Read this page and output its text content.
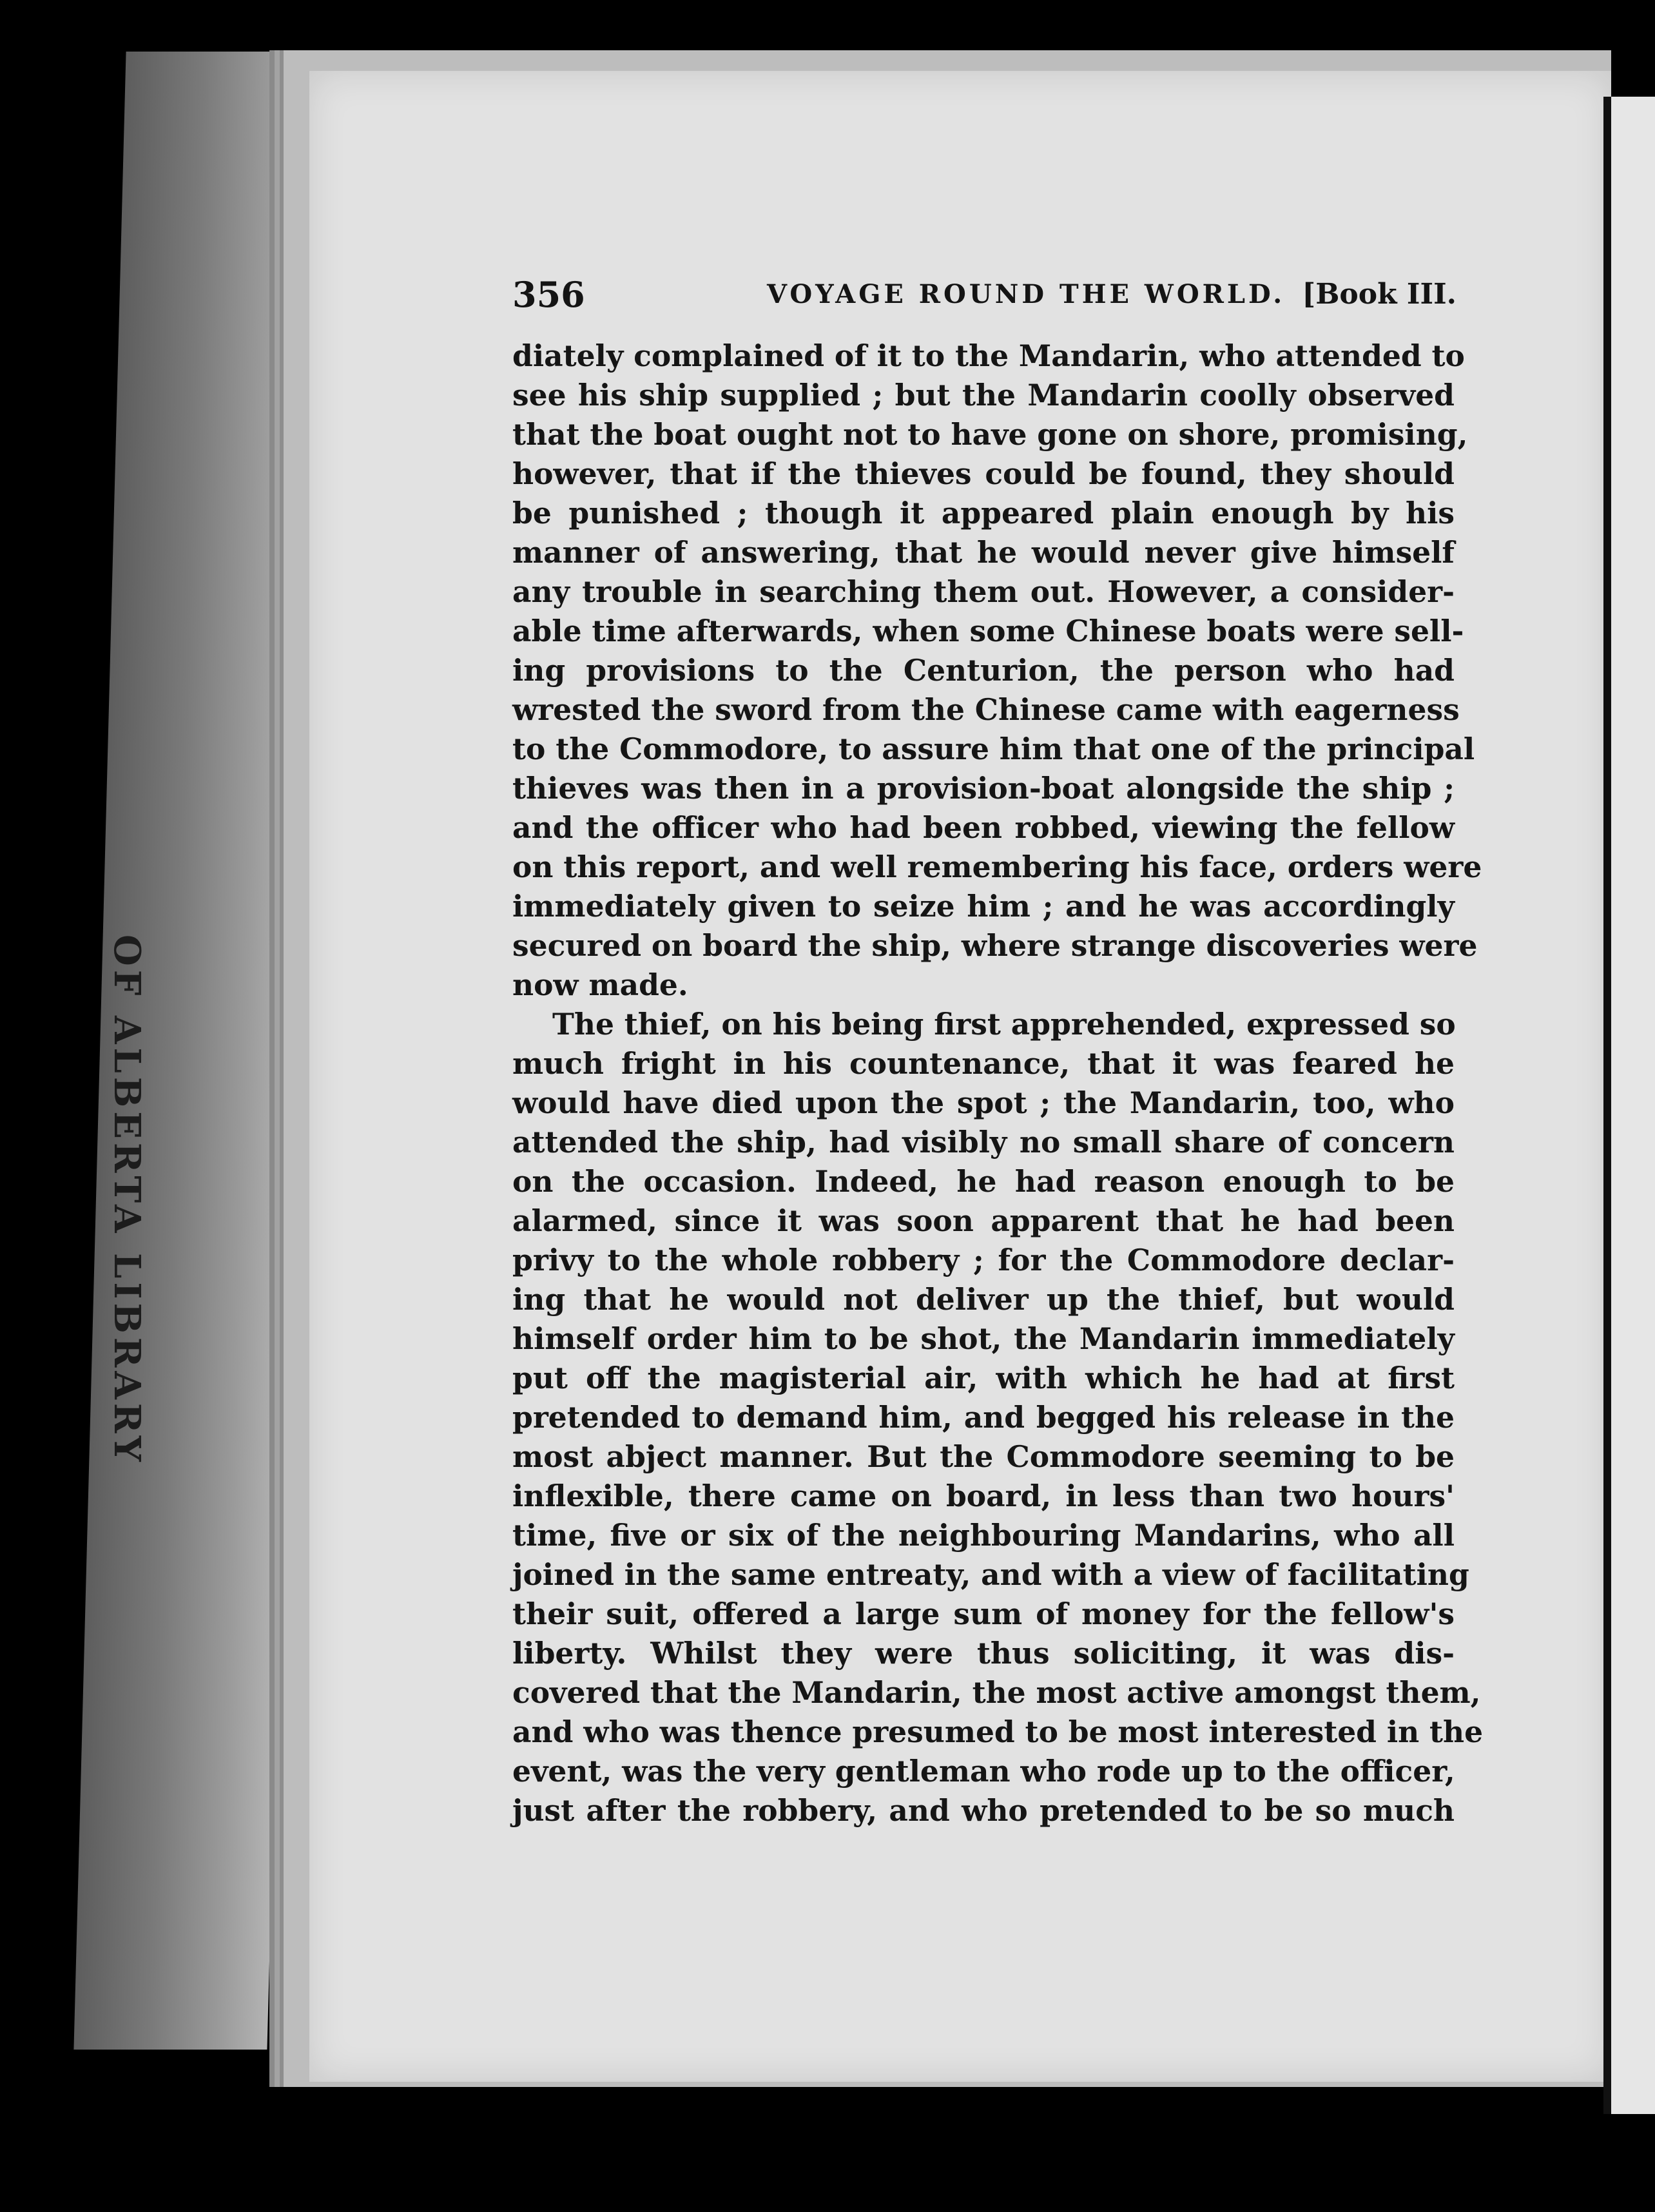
OF ALBERTA LIBRARY
356	VOYAGE ROUND THE WORLD. [Book III.
diately complained of it to the Mandarin, who attended to
see his ship supplied ; but the Mandarin coolly observed
that the boat ought not to have gone on shore, promising,
however, that if the thieves could be found, they should
be punished ; though it appeared plain enough by his
manner of answering, that he would never give himself
any trouble in searching them out. However, a consider-
able time afterwards, when some Chinese boats were sell-
ing provisions to the Centurion, the person who had
wrested the sword from the Chinese came with eagerness
to the Commodore, to assure him that one of the principal
thieves was then in a provision-boat alongside the ship ;
and the officer who had been robbed, viewing the fellow
on this report, and well remembering his face, orders were
immediately given to seize him ; and he was accordingly
secured on board the ship, where strange discoveries were
now made.
The thief, on his being first apprehended, expressed so
much fright in his countenance, that it was feared he
would have died upon the spot ; the Mandarin, too, who
attended the ship, had visibly no small share of concern
on the occasion. Indeed, he had reason enough to be
alarmed, since it was soon apparent that he had been
privy to the whole robbery ; for the Commodore declar-
ing that he would not deliver up the thief, but would
himself order him to be shot, the Mandarin immediately
put off the magisterial air, with which he had at first
pretended to demand him, and begged his release in the
most abject manner. But the Commodore seeming to be
inflexible, there came on board, in less than two hours'
time, five or six of the neighbouring Mandarins, who all
joined in the same entreaty, and with a view of facilitating
their suit, offered a large sum of money for the fellow's
liberty. Whilst they were thus soliciting, it was dis-
covered that the Mandarin, the most active amongst them,
and who was thence presumed to be most interested in the
event, was the very gentleman who rode up to the officer,
just after the robbery, and who pretended to be so much
